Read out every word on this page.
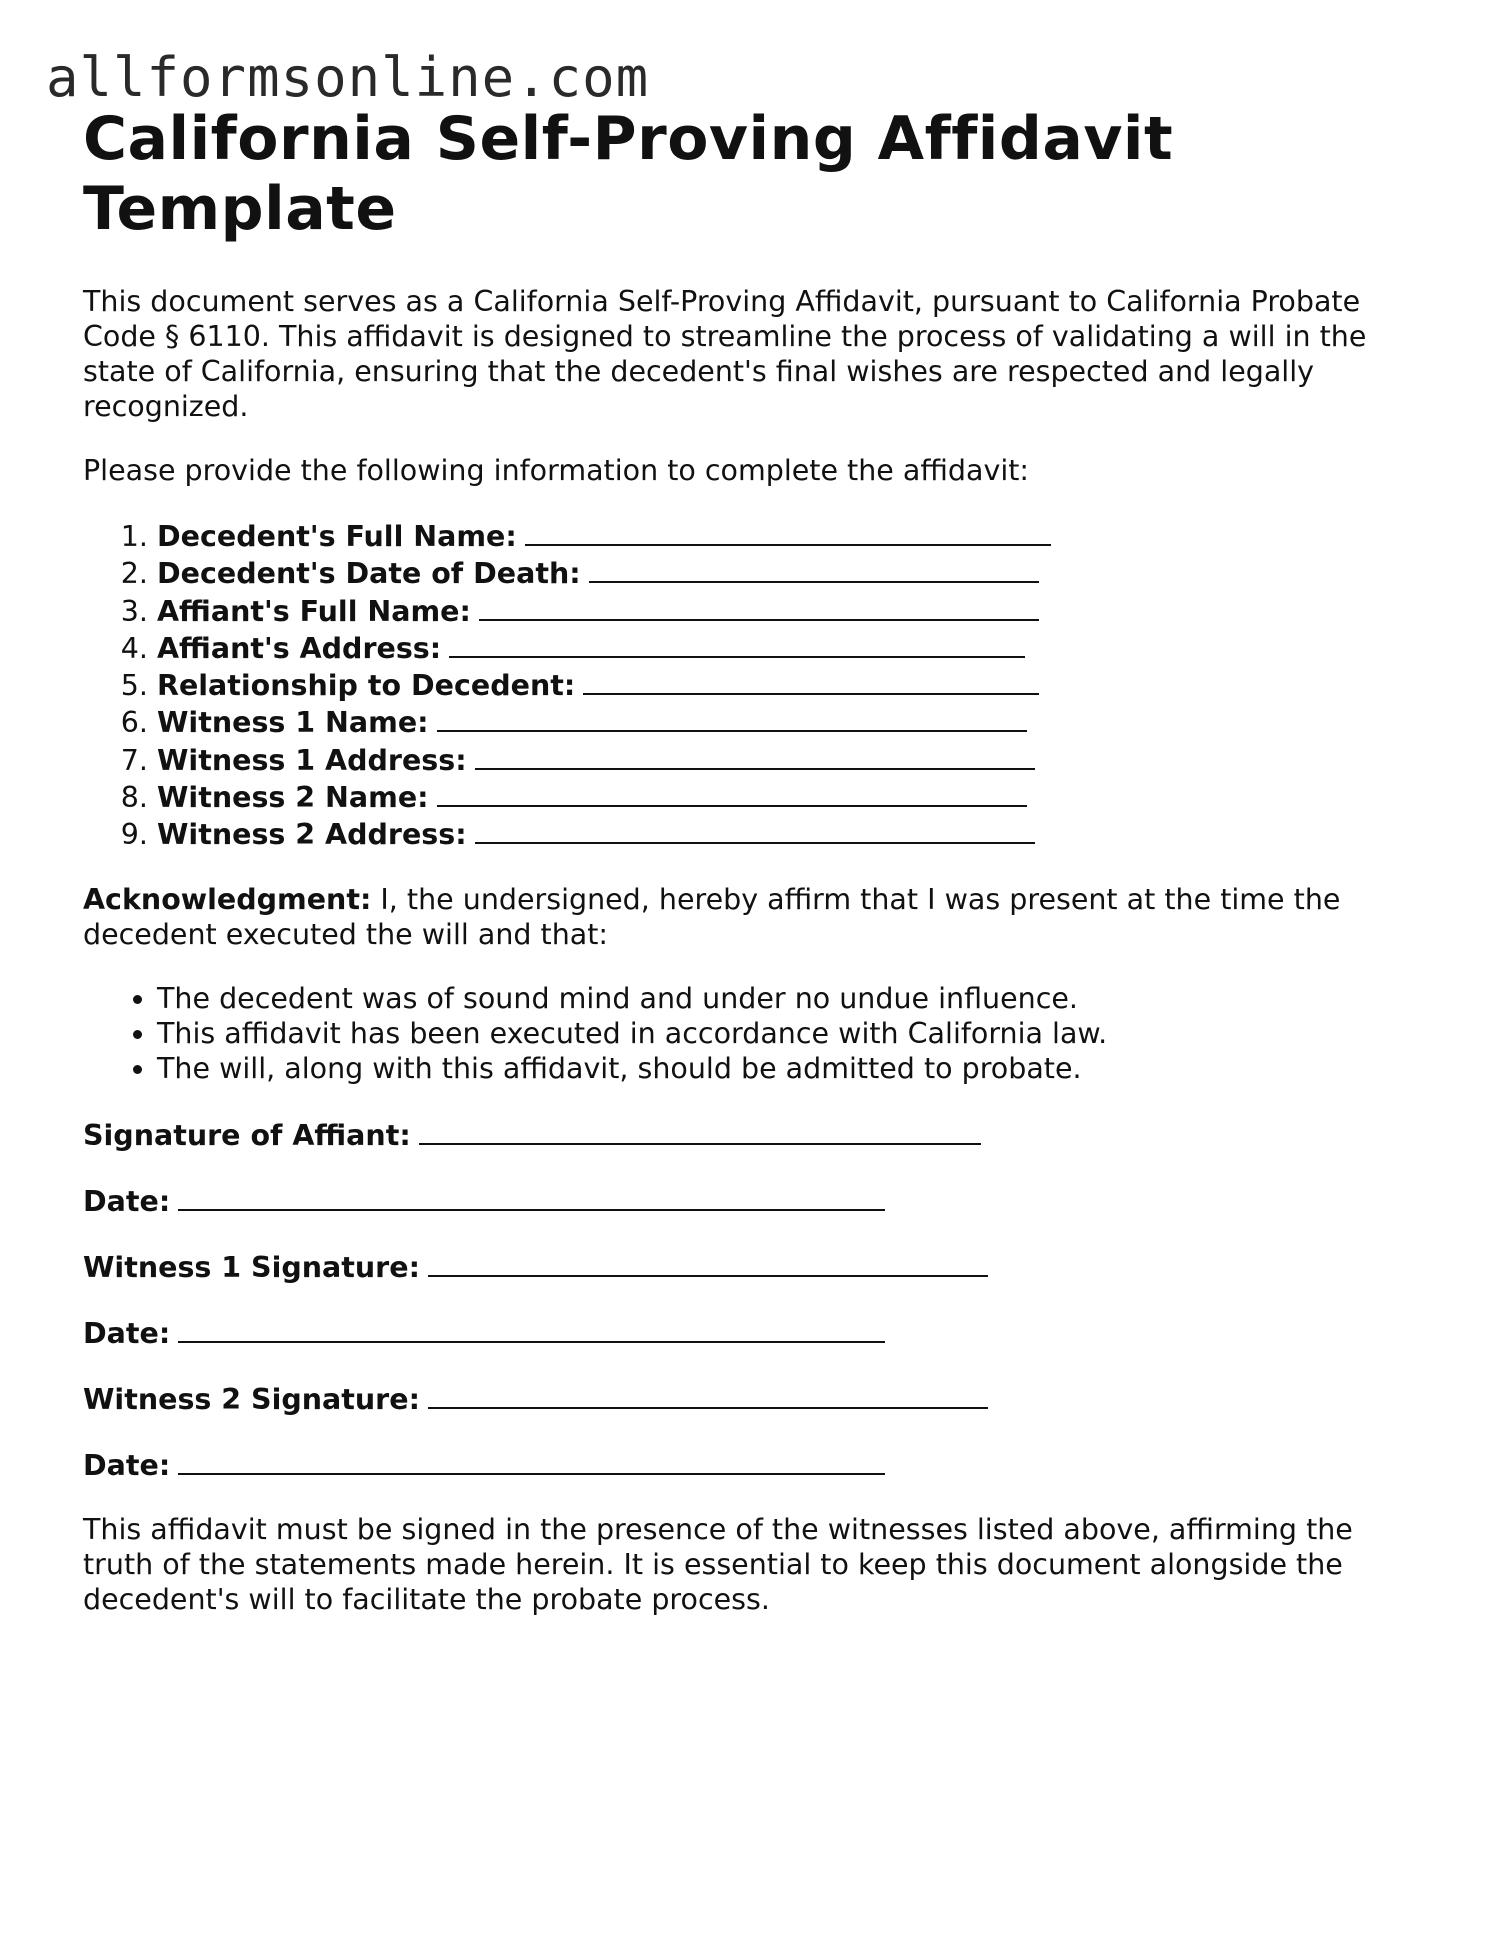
allformsonline.com
California Self-Proving Affidavit Template

This document serves as a California Self-Proving Affidavit, pursuant to California Probate Code § 6110. This affidavit is designed to streamline the process of validating a will in the state of California, ensuring that the decedent's final wishes are respected and legally recognized.

Please provide the following information to complete the affidavit:

1. Decedent's Full Name:
2. Decedent's Date of Death:
3. Affiant's Full Name:
4. Affiant's Address:
5. Relationship to Decedent:
6. Witness 1 Name:
7. Witness 1 Address:
8. Witness 2 Name:
9. Witness 2 Address:

Acknowledgment: I, the undersigned, hereby affirm that I was present at the time the decedent executed the will and that:

• The decedent was of sound mind and under no undue influence.
• This affidavit has been executed in accordance with California law.
• The will, along with this affidavit, should be admitted to probate.

Signature of Affiant:

Date:

Witness 1 Signature:

Date:

Witness 2 Signature:

Date:

This affidavit must be signed in the presence of the witnesses listed above, affirming the truth of the statements made herein. It is essential to keep this document alongside the decedent's will to facilitate the probate process.
